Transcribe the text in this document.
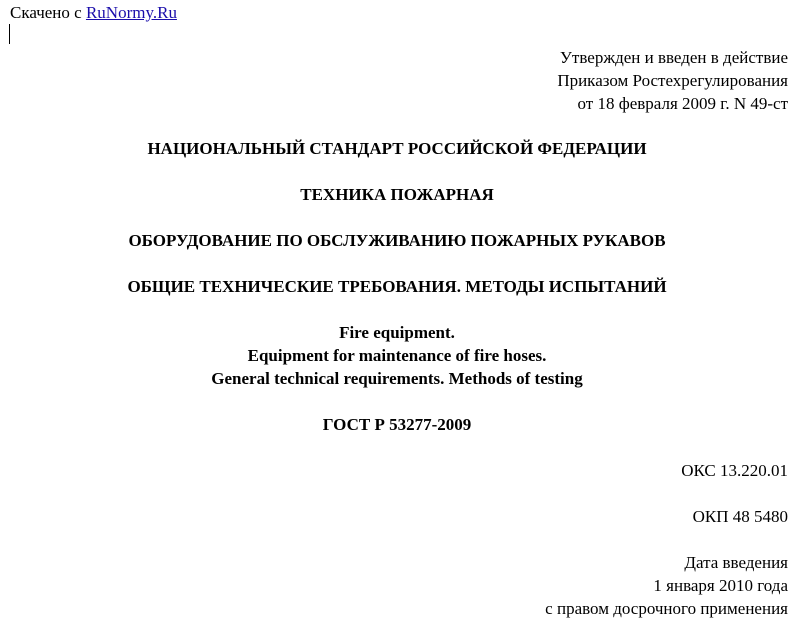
Скачено с RuNormy.Ru
Утвержден и введен в действие
Приказом Ростехрегулирования
от 18 февраля 2009 г. N 49-ст
НАЦИОНАЛЬНЫЙ СТАНДАРТ РОССИЙСКОЙ ФЕДЕРАЦИИ
ТЕХНИКА ПОЖАРНАЯ
ОБОРУДОВАНИЕ ПО ОБСЛУЖИВАНИЮ ПОЖАРНЫХ РУКАВОВ
ОБЩИЕ ТЕХНИЧЕСКИЕ ТРЕБОВАНИЯ. МЕТОДЫ ИСПЫТАНИЙ
Fire equipment.
Equipment for maintenance of fire hoses.
General technical requirements. Methods of testing
ГОСТ Р 53277-2009
ОКС 13.220.01
ОКП 48 5480
Дата введения
1 января 2010 года
с правом досрочного применения
